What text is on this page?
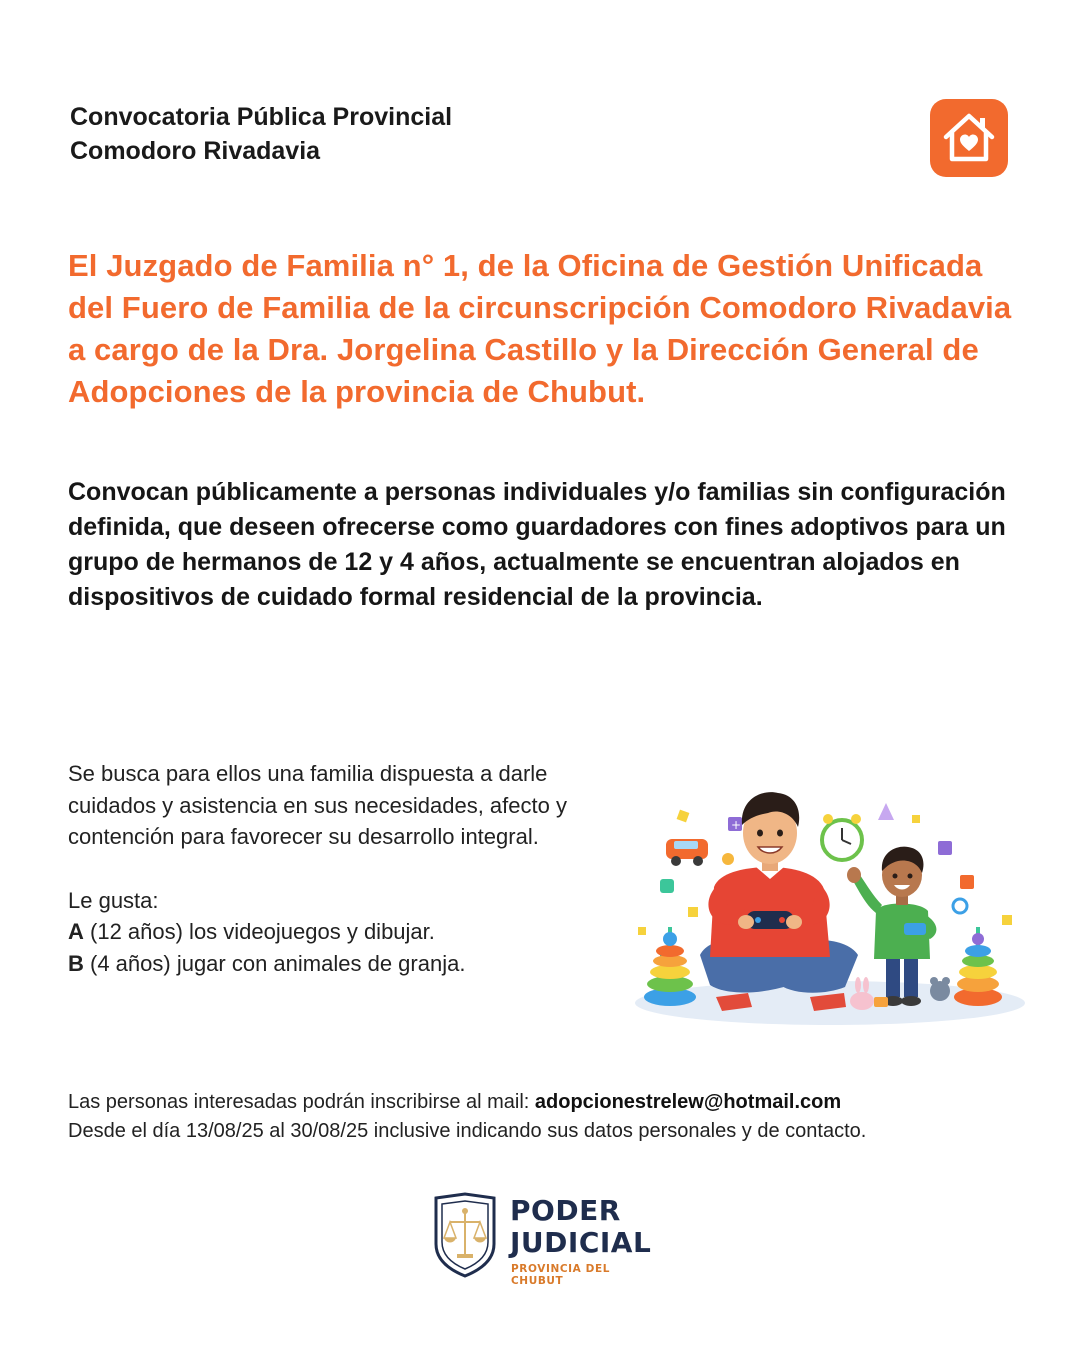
Convocatoria Pública Provincial
Comodoro Rivadavia
El Juzgado de Familia n° 1, de la Oficina de Gestión Unificada del Fuero de Familia de la circunscripción Comodoro Rivadavia a cargo de la Dra. Jorgelina Castillo y la Dirección General de Adopciones de la provincia de Chubut.
Convocan públicamente a personas individuales y/o familias sin configuración definida, que deseen ofrecerse como guardadores con fines adoptivos para un grupo de hermanos de 12 y 4 años, actualmente se encuentran alojados en dispositivos de cuidado formal residencial de la provincia.

Se busca para ellos una familia dispuesta a darle cuidados y asistencia en sus necesidades, afecto y contención para favorecer su desarrollo integral.

Le gusta:

A (12 años) los videojuegos y dibujar.

B (4 años) jugar con animales de granja.

+
Las personas interesadas podrán inscribirse al mail: adopcionestrelew@hotmail.com
Desde el día 13/08/25 al 30/08/25 inclusive indicando sus datos personales y de contacto.
PODER
JUDICIAL
PROVINCIA DEL CHUBUT
